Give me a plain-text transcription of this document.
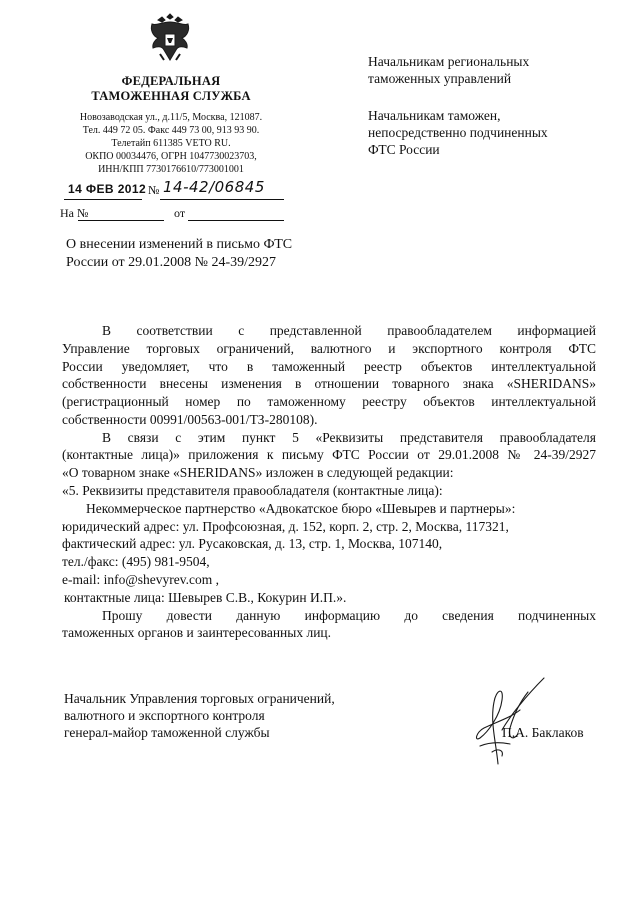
ФЕДЕРАЛЬНАЯ
ТАМОЖЕННАЯ СЛУЖБА
Новозаводская ул., д.11/5, Москва, 121087.
Тел. 449 72 05. Факс 449 73 00, 913 93 90.
Телетайп 611385 VETO RU.
ОКПО 00034476, ОГРН 1047730023703,
ИНН/КПП 7730176610/773001001
14 ФЕВ 2012 № 14-42/06845
На №	от
О внесении изменений в письмо ФТС
России от 29.01.2008 № 24-39/2927
Начальникам региональных
таможенных управлений
Начальникам таможен,
непосредственно подчиненных
ФТС России
В соответствии с представленной правообладателем информацией
Управление торговых ограничений, валютного и экспортного контроля ФТС
России уведомляет, что в таможенный реестр объектов интеллектуальной
собственности внесены изменения в отношении товарного знака «SHERIDANS»
(регистрационный номер по таможенному реестру объектов интеллектуальной
собственности 00991/00563-001/ТЗ-280108).
В связи с этим пункт 5 «Реквизиты представителя правообладателя
(контактные лица)» приложения к письму ФТС России от 29.01.2008 № 24-39/2927
«О товарном знаке «SHERIDANS» изложен в следующей редакции:
«5. Реквизиты представителя правообладателя (контактные лица):
Некоммерческое партнерство «Адвокатское бюро «Шевырев и партнеры»:
юридический адрес: ул. Профсоюзная, д. 152, корп. 2, стр. 2, Москва, 117321,
фактический адрес: ул. Русаковская, д. 13, стр. 1, Москва, 107140,
тел./факс: (495) 981-9504,
e-mail: info@shevyrev.com ,
контактные лица: Шевырев С.В., Кокурин И.П.».
Прошу довести данную информацию до сведения подчиненных
таможенных органов и заинтересованных лиц.
Начальник Управления торговых ограничений,
валютного и экспортного контроля
генерал-майор таможенной службы	П.А. Баклаков
